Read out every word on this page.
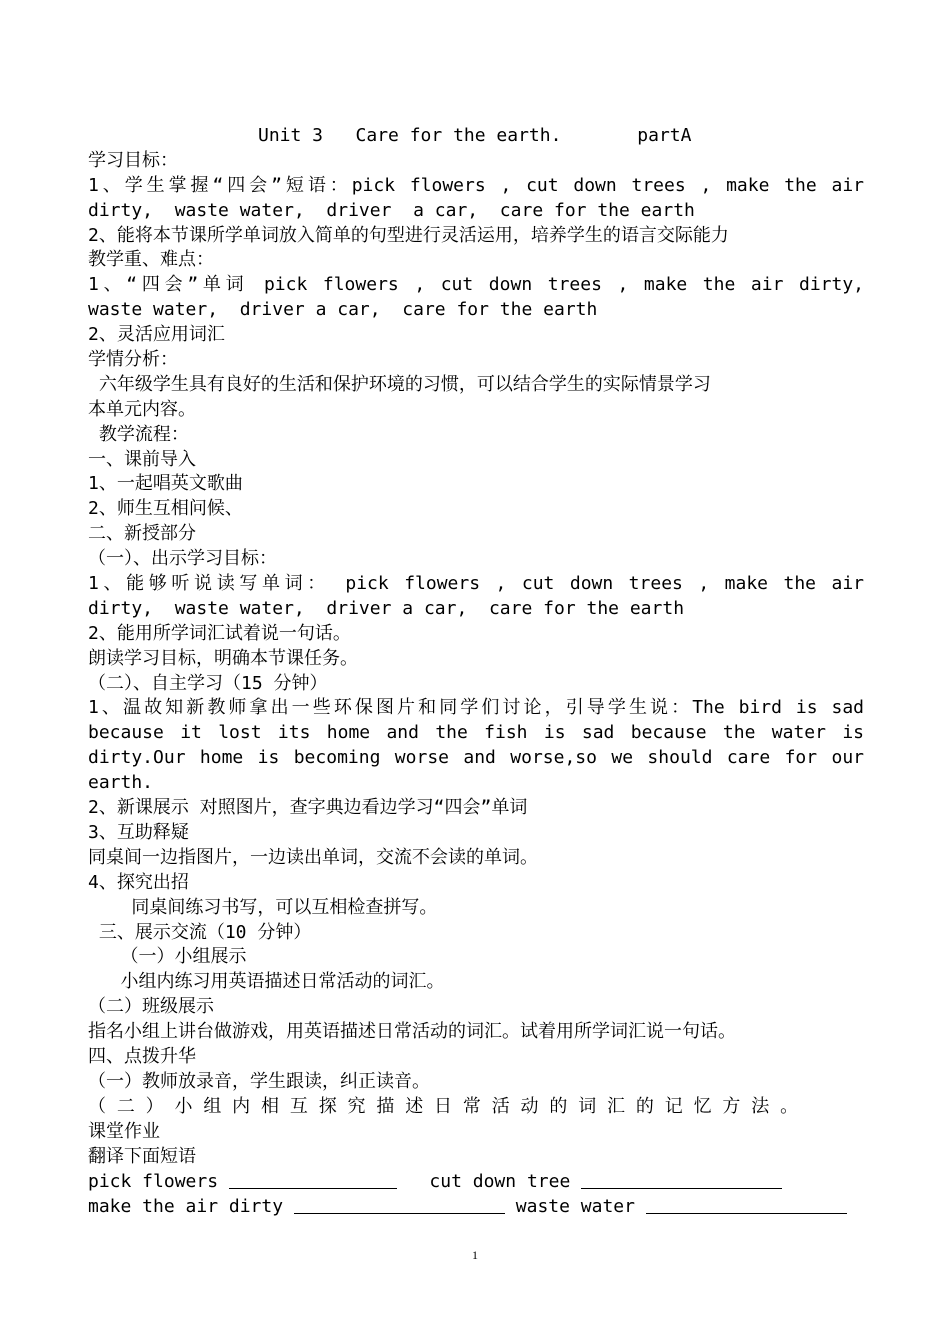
Unit 3   Care for the earth.       partA
学习目标：
1、学生掌握“四会”短语：pick flowers , cut down trees , make the air
dirty,  waste water,  driver  a car,  care for the earth
2、能将本节课所学单词放入简单的句型进行灵活运用，培养学生的语言交际能力
教学重、难点：
1、“四会”单词 pick flowers , cut down trees , make the air dirty,
waste water,  driver a car,  care for the earth
2、灵活应用词汇
学情分析：
六年级学生具有良好的生活和保护环境的习惯，可以结合学生的实际情景学习
本单元内容。
教学流程：
一、课前导入
1、一起唱英文歌曲
2、师生互相问候、
二、新授部分
（一）、出示学习目标：
1、能够听说读写单词： pick flowers , cut down trees , make the air
dirty,  waste water,  driver a car,  care for the earth
2、能用所学词汇试着说一句话。
朗读学习目标，明确本节课任务。
（二）、自主学习（15 分钟）
1、温故知新教师拿出一些环保图片和同学们讨论，引导学生说：The bird is sad
because it lost its home and the fish is sad because the water is
dirty.Our home is becoming worse and worse,so we should care for our
earth.
2、新课展示 对照图片，查字典边看边学习“四会”单词
3、互助释疑
同桌间一边指图片，一边读出单词，交流不会读的单词。
4、探究出招
同桌间练习书写，可以互相检查拼写。
三、展示交流（10 分钟）
（一）小组展示
小组内练习用英语描述日常活动的词汇。
（二）班级展示
指名小组上讲台做游戏，用英语描述日常活动的词汇。试着用所学词汇说一句话。
四、点拨升华
（一）教师放录音，学生跟读，纠正读音。
（ 二 ） 小 组 内 相 互 探 究 描 述 日 常 活 动 的 词 汇 的 记 忆 方 法 。
课堂作业
翻译下面短语
pick flowers	cut down tree
make the air dirty	waste water
1
